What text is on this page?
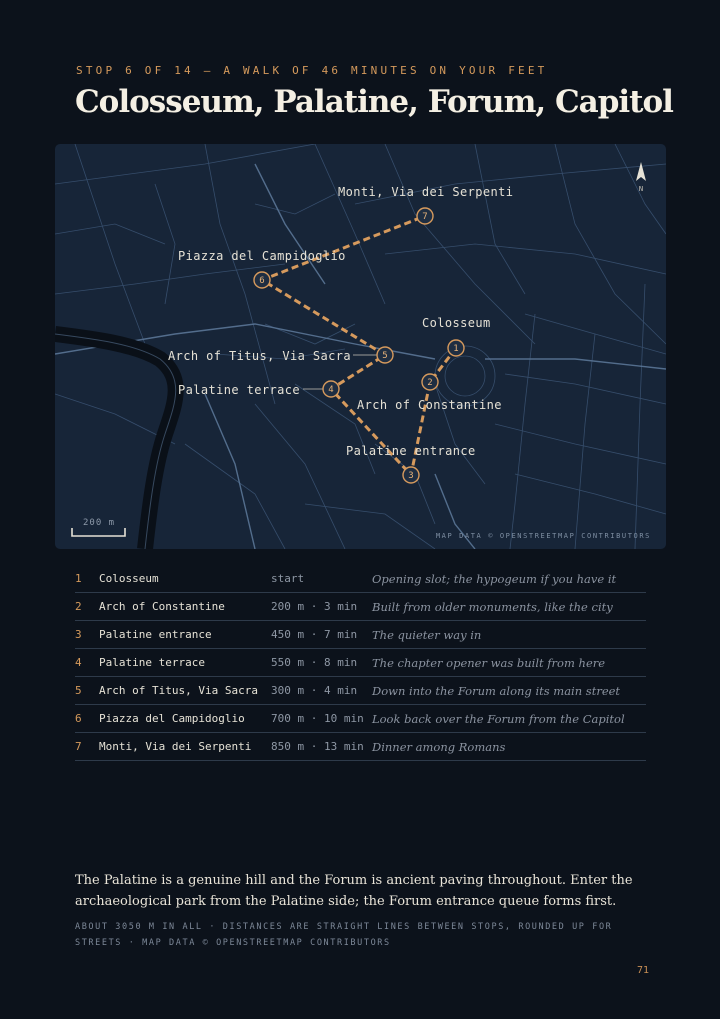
STOP 6 OF 14 — A WALK OF 46 MINUTES ON YOUR FEET
Colosseum, Palatine, Forum, Capitol
1
2
3
4
5
6
7
Colosseum
Arch of Constantine
Palatine entrance
Palatine terrace
Arch of Titus, Via Sacra
Piazza del Campidoglio
Monti, Via dei Serpenti	N
200 m
MAP DATA © OPENSTREETMAP CONTRIBUTORS
1	Colosseum	start	Opening slot; the hypogeum if you have it
2	Arch of Constantine	200 m · 3 min	Built from older monuments, like the city
3	Palatine entrance	450 m · 7 min	The quieter way in
4	Palatine terrace	550 m · 8 min	The chapter opener was built from here
5	Arch of Titus, Via Sacra	300 m · 4 min	Down into the Forum along its main street
6	Piazza del Campidoglio	700 m · 10 min	Look back over the Forum from the Capitol
7	Monti, Via dei Serpenti	850 m · 13 min	Dinner among Romans
The Palatine is a genuine hill and the Forum is ancient paving throughout. Enter the archaeological park from the Palatine side; the Forum entrance queue forms first.
ABOUT 3050 M IN ALL · DISTANCES ARE STRAIGHT LINES BETWEEN STOPS, ROUNDED UP FOR STREETS · MAP DATA © OPENSTREETMAP CONTRIBUTORS
71
